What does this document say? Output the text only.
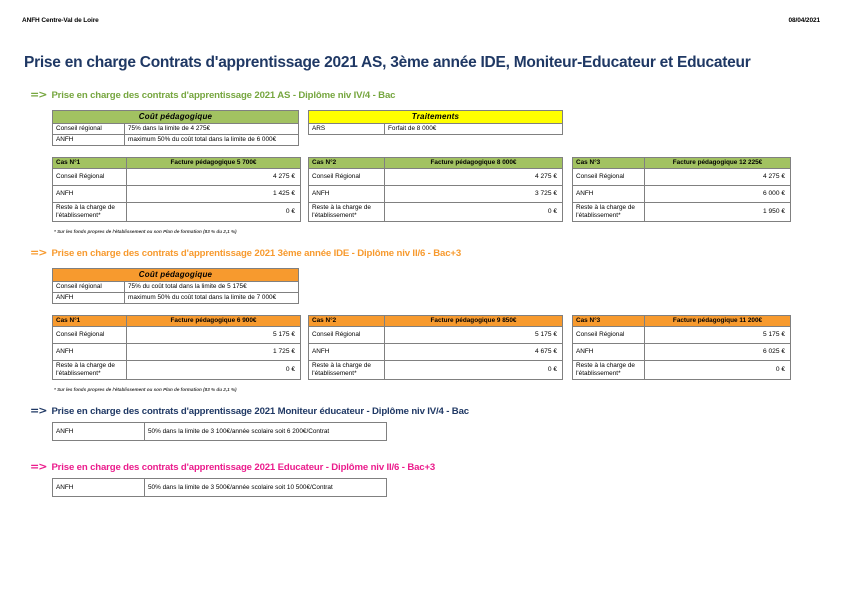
ANFH Centre-Val de Loire	08/04/2021
Prise en charge Contrats d'apprentissage 2021 AS, 3ème année IDE, Moniteur-Educateur et Educateur
=> Prise en charge des contrats d'apprentissage 2021 AS - Diplôme niv IV/4 - Bac
Coût pédagogique	
Conseil régional	75% dans la limite de 4 275€
ANFH	maximum 50% du coût total dans la limite de 6 000€
Traitements
ARS	Forfait de 8 000€
Cas N°1	Facture pédagogique 5 700€
Conseil Régional	4 275 €
ANFH	1 425 €
Reste à la charge de l'établissement*	0 €
* Sur les fonds propres de l'établissement ou son Plan de formation (83 % du 2,1 %)
Cas N°2	Facture pédagogique 8 000€
Conseil Régional	4 275 €
ANFH	3 725 €
Reste à la charge de l'établissement*	0 €
Cas N°3	Facture pédagogique 12 225€
Conseil Régional	4 275 €
ANFH	6 000 €
Reste à la charge de l'établissement*	1 950 €
=> Prise en charge des contrats d'apprentissage 2021 3ème année IDE - Diplôme niv II/6 - Bac+3
Coût pédagogique	
Conseil régional	75% du coût total dans la limite de 5 175€
ANFH	maximum 50% du coût total dans la limite de 7 000€
Cas N°1	Facture pédagogique 6 900€
Conseil Régional	5 175 €
ANFH	1 725 €
Reste à la charge de l'établissement*	0 €
* Sur les fonds propres de l'établissement ou son Plan de formation (83 % du 2,1 %)
Cas N°2	Facture pédagogique 9 850€
Conseil Régional	5 175 €
ANFH	4 675 €
Reste à la charge de l'établissement*	0 €
Cas N°3	Facture pédagogique 11 200€
Conseil Régional	5 175 €
ANFH	6 025 €
Reste à la charge de l'établissement*	0 €
=> Prise en charge des contrats d'apprentissage 2021 Moniteur éducateur - Diplôme niv IV/4 - Bac
ANFH	50% dans la limite de 3 100€/année scolaire soit 6 200€/Contrat
=> Prise en charge des contrats d'apprentissage 2021 Educateur - Diplôme niv II/6 - Bac+3
ANFH	50% dans la limite de 3 500€/année scolaire soit 10 500€/Contrat
